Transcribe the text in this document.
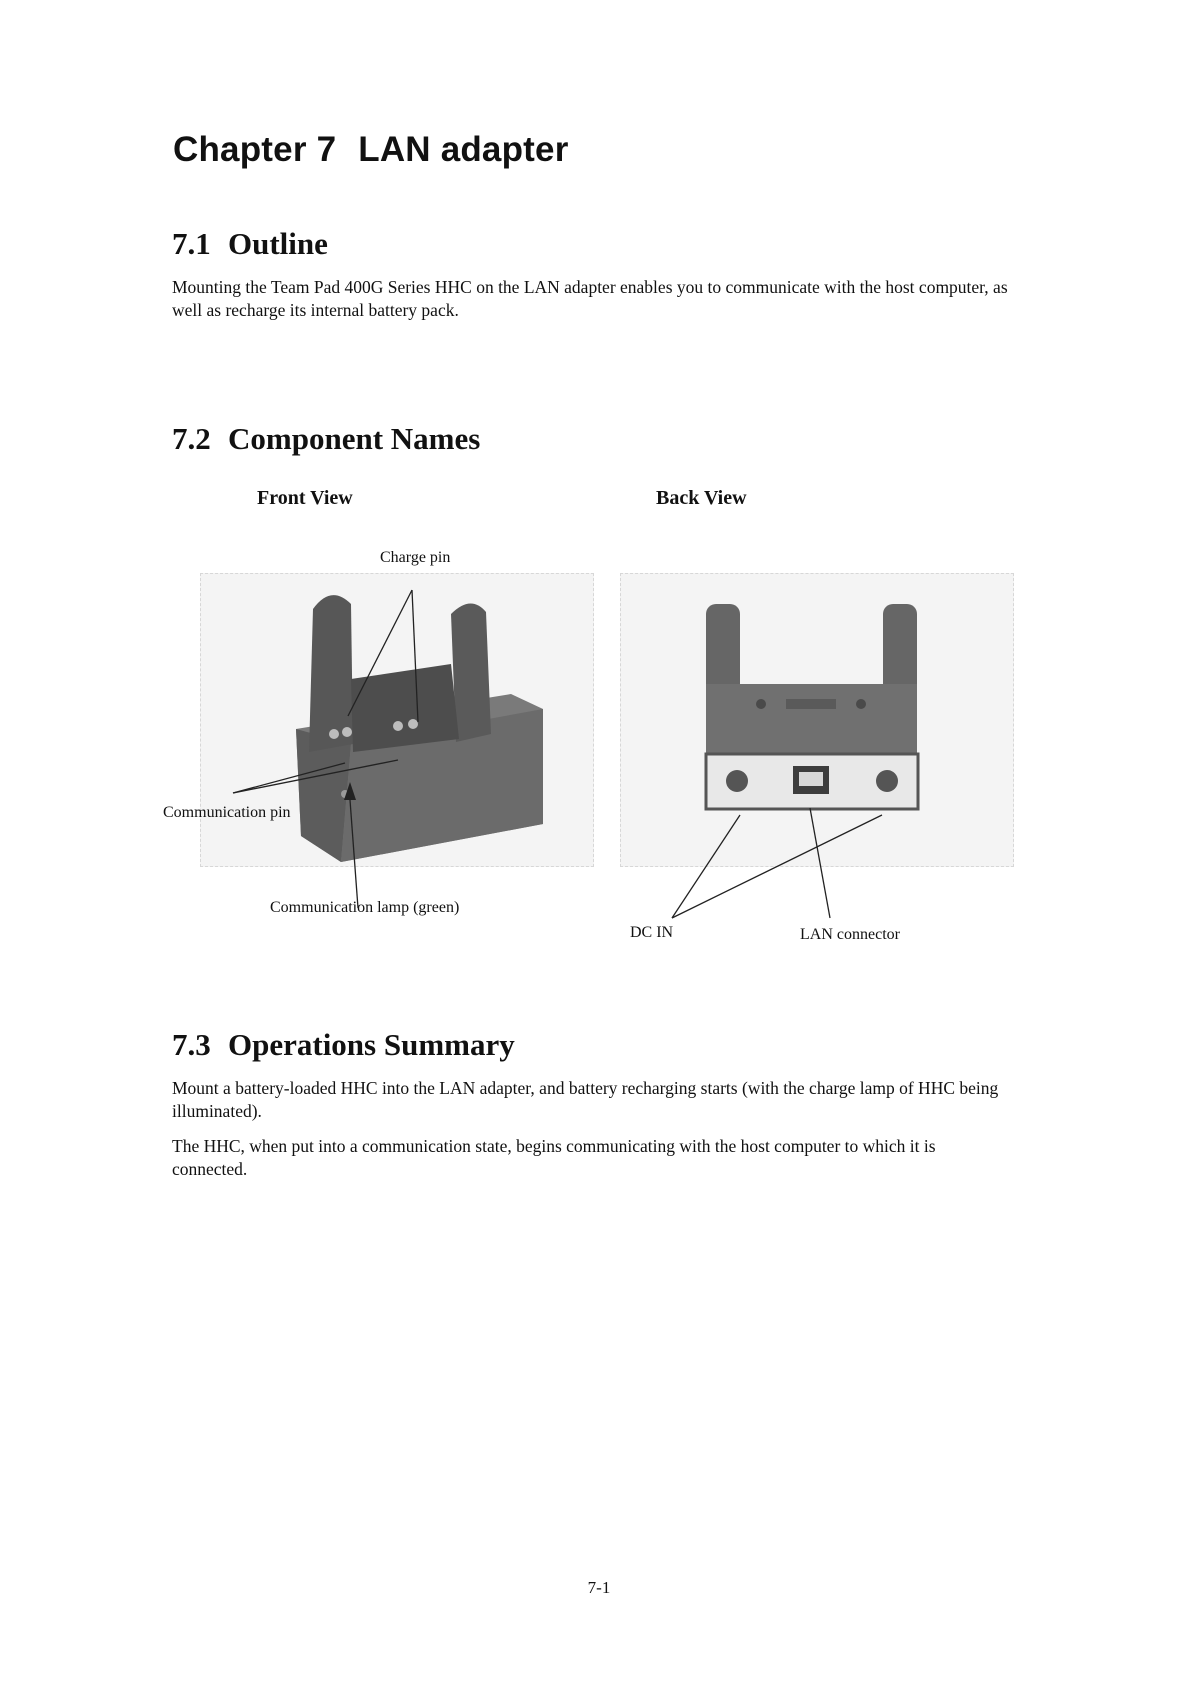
Chapter 7 LAN adapter
7.1 Outline

Mounting the Team Pad 400G Series HHC on the LAN adapter enables you to communicate with the host computer, as well as recharge its internal battery pack.

7.2 Component Names

Front View	Back View

Charge pin

Communication pin

Communication lamp (green)

DC IN	LAN connector

7.3 Operations Summary

Mount a battery-loaded HHC into the LAN adapter, and battery recharging starts (with the charge lamp of HHC being illuminated).

The HHC, when put into a communication state, begins communicating with the host computer to which it is connected.

7-1
